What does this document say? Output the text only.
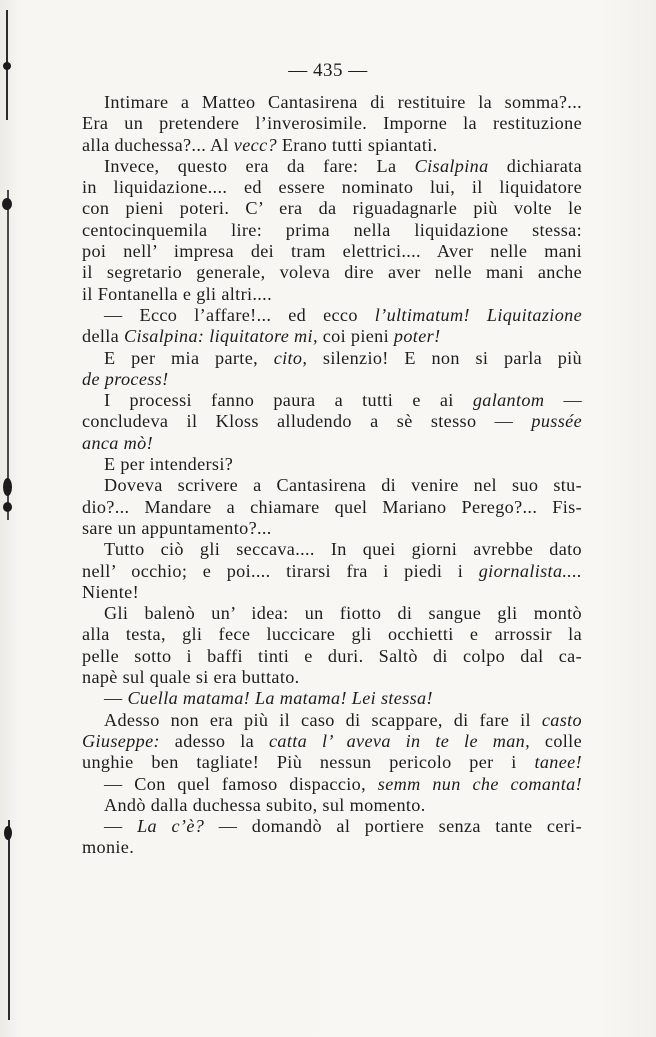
— 435 —
Intimare a Matteo Cantasirena di restituire la somma?...
Era un pretendere l’inverosimile. Imporne la restituzione
alla duchessa?... Al vecc? Erano tutti spiantati.
Invece, questo era da fare: La Cisalpina dichiarata
in liquidazione.... ed essere nominato lui, il liquidatore
con pieni poteri. C’ era da riguadagnarle più volte le
centocinquemila lire: prima nella liquidazione stessa:
poi nell’ impresa dei tram elettrici.... Aver nelle mani
il segretario generale, voleva dire aver nelle mani anche
il Fontanella e gli altri....
— Ecco l’affare!... ed ecco l’ultimatum! Liquitazione
della Cisalpina: liquitatore mi, coi pieni poter!
E per mia parte, cito, silenzio! E non si parla più
de process!
I processi fanno paura a tutti e ai galantom —
concludeva il Kloss alludendo a sè stesso — pussée
anca mò!
E per intendersi?
Doveva scrivere a Cantasirena di venire nel suo stu-
dio?... Mandare a chiamare quel Mariano Perego?... Fis-
sare un appuntamento?...
Tutto ciò gli seccava.... In quei giorni avrebbe dato
nell’ occhio; e poi.... tirarsi fra i piedi i giornalista....
Niente!
Gli balenò un’ idea: un fiotto di sangue gli montò
alla testa, gli fece luccicare gli occhietti e arrossir la
pelle sotto i baffi tinti e duri. Saltò di colpo dal ca-
napè sul quale si era buttato.
— Cuella matama! La matama! Lei stessa!
Adesso non era più il caso di scappare, di fare il casto
Giuseppe: adesso la catta l’ aveva in te le man, colle
unghie ben tagliate! Più nessun pericolo per i tanee!
— Con quel famoso dispaccio, semm nun che comanta!
Andò dalla duchessa subito, sul momento.
— La c’è? — domandò al portiere senza tante ceri-
monie.
